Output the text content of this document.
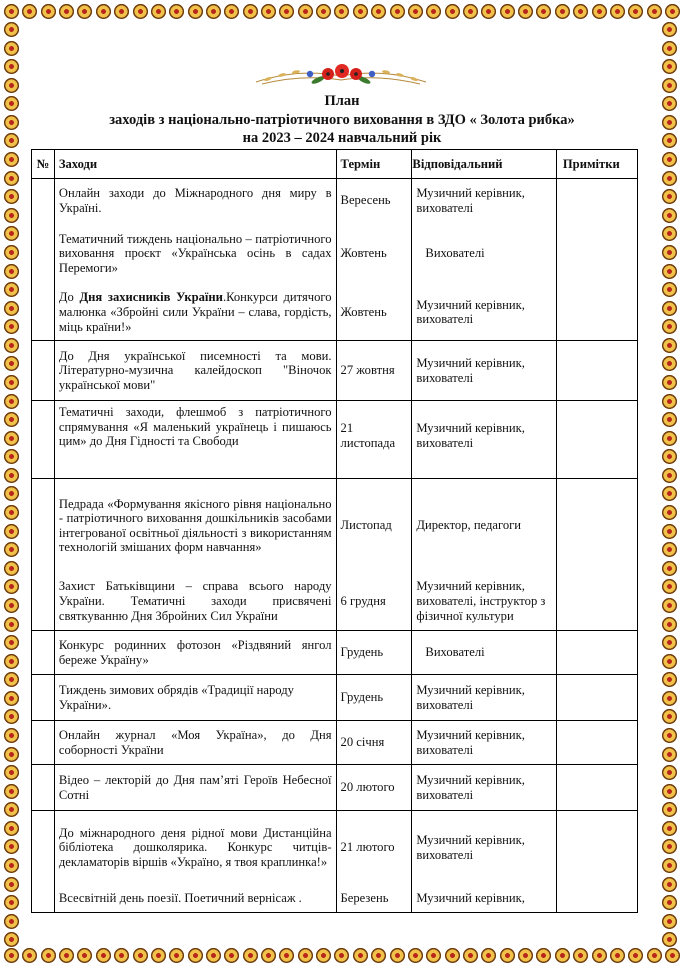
План
заходів з національно-патріотичного виховання в ЗДО « Золота рибка»
на 2023 – 2024 навчальний рік
№	Заходи	Термін	Відповідальний	Примітки
	Онлайн заходи до Міжнародного дня миру в Україні.	Вересень	Музичний керівник, вихователі	
	Тематичний тиждень національно – патріотичного виховання проєкт «Українська осінь в садах Перемоги»	Жовтень	Вихователі	
	До Дня захисників України.Конкурси дитячого малюнка «Збройні сили України – слава, гордість, міць країни!»	Жовтень	Музичний керівник, вихователі	
	До Дня української писемності та мови. Літературно-музична калейдоскоп "Віночок української мови"	27 жовтня	Музичний керівник, вихователі	
	Тематичні заходи, флешмоб з патріотичного спрямування «Я маленький українець і пишаюсь цим» до Дня Гідності та Свободи	21 листопада	Музичний керівник, вихователі	
	Педрада «Формування якісного рівня національно - патріотичного виховання дошкільників засобами інтегрованої освітньої діяльності з використанням технологій змішаних форм навчання»	Листопад	Директор, педагоги	
	Захист Батьківщини – справа всього народу України. Тематичні заходи присвячені святкуванню Дня Збройних Сил України	6 грудня	Музичний керівник, вихователі, інструктор з фізичної культури	
	Конкурс родинних фотозон «Різдвяний янгол береже Україну»	Грудень	Вихователі	
	Тиждень зимових обрядів «Традиції народу України».	Грудень	Музичний керівник, вихователі	
	Онлайн журнал «Моя Україна», до Дня соборності України	20 січня	Музичний керівник, вихователі	
	Відео – лекторій до Дня пам’яті Героїв Небесної Сотні	20 лютого	Музичний керівник, вихователі	
	До міжнародного деня рідної мови Дистанційна бібліотека дошколярика. Конкурс читців-декламаторів віршів «Україно, я твоя краплинка!»	21 лютого	Музичний керівник, вихователі	
	Всесвітній день поезії. Поетичний вернісаж .	Березень	Музичний керівник,	
